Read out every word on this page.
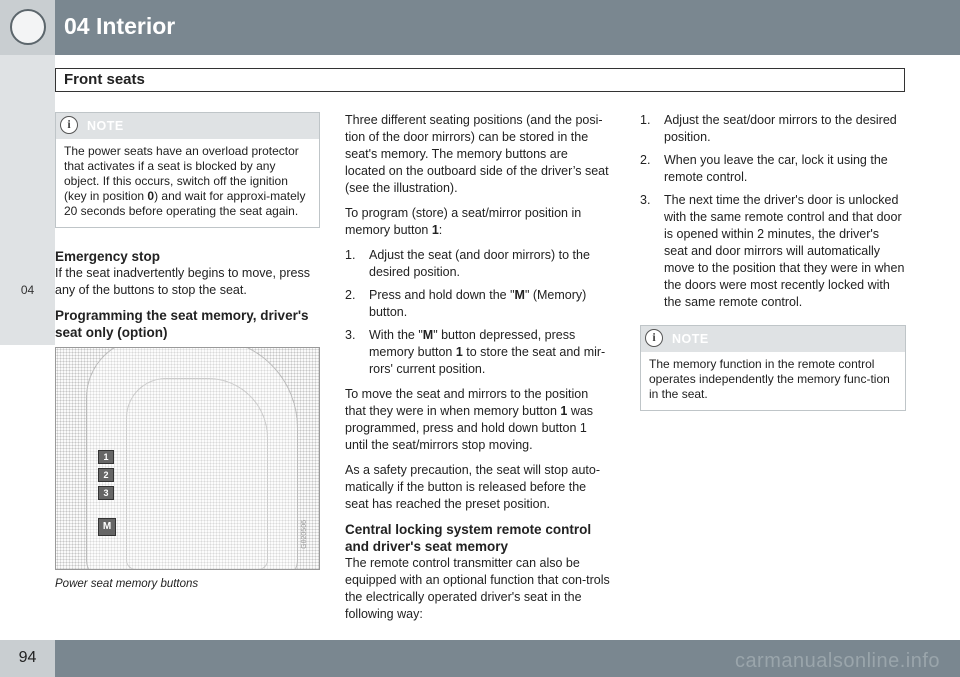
04 Interior
Front seats
04
i	NOTE
The power seats have an overload protector that activates if a seat is blocked by any object. If this occurs, switch off the ignition (key in position 0) and wait for approxi-mately 20 seconds before operating the seat again.
Emergency stop

If the seat inadvertently begins to move, press any of the buttons to stop the seat.

Programming the seat memory, driver's seat only (option)
1
2
3
M	G020506
Power seat memory buttons

Three different seating positions (and the posi-tion of the door mirrors) can be stored in the seat's memory. The memory buttons are located on the outboard side of the driver’s seat (see the illustration).

To program (store) a seat/mirror position in memory button 1:

1. Adjust the seat (and door mirrors) to the desired position.
2. Press and hold down the "M" (Memory) button.
3. With the "M" button depressed, press memory button 1 to store the seat and mir-rors' current position.

To move the seat and mirrors to the position that they were in when memory button 1 was programmed, press and hold down button 1 until the seat/mirrors stop moving.

As a safety precaution, the seat will stop auto-matically if the button is released before the seat has reached the preset position.

Central locking system remote control and driver's seat memory

The remote control transmitter can also be equipped with an optional function that con-trols the electrically operated driver's seat in the following way:

1. Adjust the seat/door mirrors to the desired position.
2. When you leave the car, lock it using the remote control.
3. The next time the driver's door is unlocked with the same remote control and that door is opened within 2 minutes, the driver's seat and door mirrors will automatically move to the position that they were in when the doors were most recently locked with the same remote control.
i	NOTE
The memory function in the remote control operates independently the memory func-tion in the seat.
94	carmanualsonline.info
